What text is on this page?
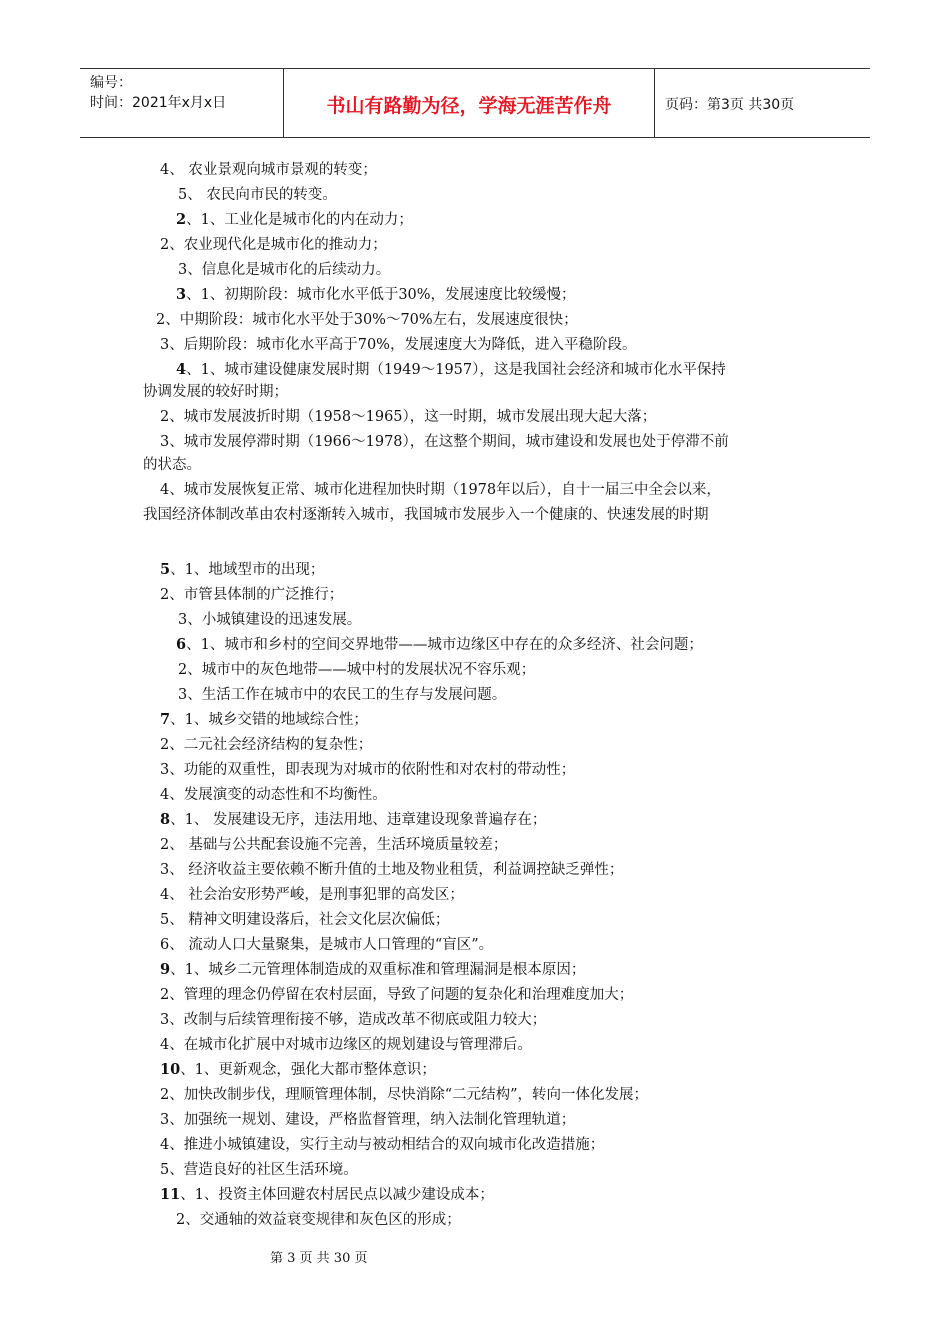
编号：
时间：2021年x月x日	书山有路勤为径，学海无涯苦作舟	页码：第3页 共30页
4、 农业景观向城市景观的转变；
5、 农民向市民的转变。
2、1、工业化是城市化的内在动力；
2、农业现代化是城市化的推动力；
3、信息化是城市化的后续动力。
3、1、初期阶段：城市化水平低于30%，发展速度比较缓慢；
2、中期阶段：城市化水平处于30%～70%左右，发展速度很快；
3、后期阶段：城市化水平高于70%，发展速度大为降低，进入平稳阶段。
4、1、城市建设健康发展时期（1949～1957），这是我国社会经济和城市化水平保持
协调发展的较好时期；
2、城市发展波折时期（1958～1965），这一时期，城市发展出现大起大落；
3、城市发展停滞时期（1966～1978），在这整个期间，城市建设和发展也处于停滞不前
的状态。
4、城市发展恢复正常、城市化进程加快时期（1978年以后），自十一届三中全会以来，
我国经济体制改革由农村逐渐转入城市，我国城市发展步入一个健康的、快速发展的时期
5、1、地域型市的出现；
2、市管县体制的广泛推行；
3、小城镇建设的迅速发展。
6、1、城市和乡村的空间交界地带——城市边缘区中存在的众多经济、社会问题；
2、城市中的灰色地带——城中村的发展状况不容乐观；
3、生活工作在城市中的农民工的生存与发展问题。
7、1、城乡交错的地域综合性；
2、二元社会经济结构的复杂性；
3、功能的双重性，即表现为对城市的依附性和对农村的带动性；
4、发展演变的动态性和不均衡性。
8、1、 发展建设无序，违法用地、违章建设现象普遍存在；
2、 基础与公共配套设施不完善，生活环境质量较差；
3、 经济收益主要依赖不断升值的土地及物业租赁，利益调控缺乏弹性；
4、 社会治安形势严峻，是刑事犯罪的高发区；
5、 精神文明建设落后，社会文化层次偏低；
6、 流动人口大量聚集，是城市人口管理的“盲区”。
9、1、城乡二元管理体制造成的双重标准和管理漏洞是根本原因；
2、管理的理念仍停留在农村层面，导致了问题的复杂化和治理难度加大；
3、改制与后续管理衔接不够，造成改革不彻底或阻力较大；
4、在城市化扩展中对城市边缘区的规划建设与管理滞后。
10、1、更新观念，强化大都市整体意识；
2、加快改制步伐，理顺管理体制，尽快消除“二元结构”，转向一体化发展；
3、加强统一规划、建设，严格监督管理，纳入法制化管理轨道；
4、推进小城镇建设，实行主动与被动相结合的双向城市化改造措施；
5、营造良好的社区生活环境。
11、1、投资主体回避农村居民点以减少建设成本；
2、交通轴的效益衰变规律和灰色区的形成；
第 3 页 共 30 页
